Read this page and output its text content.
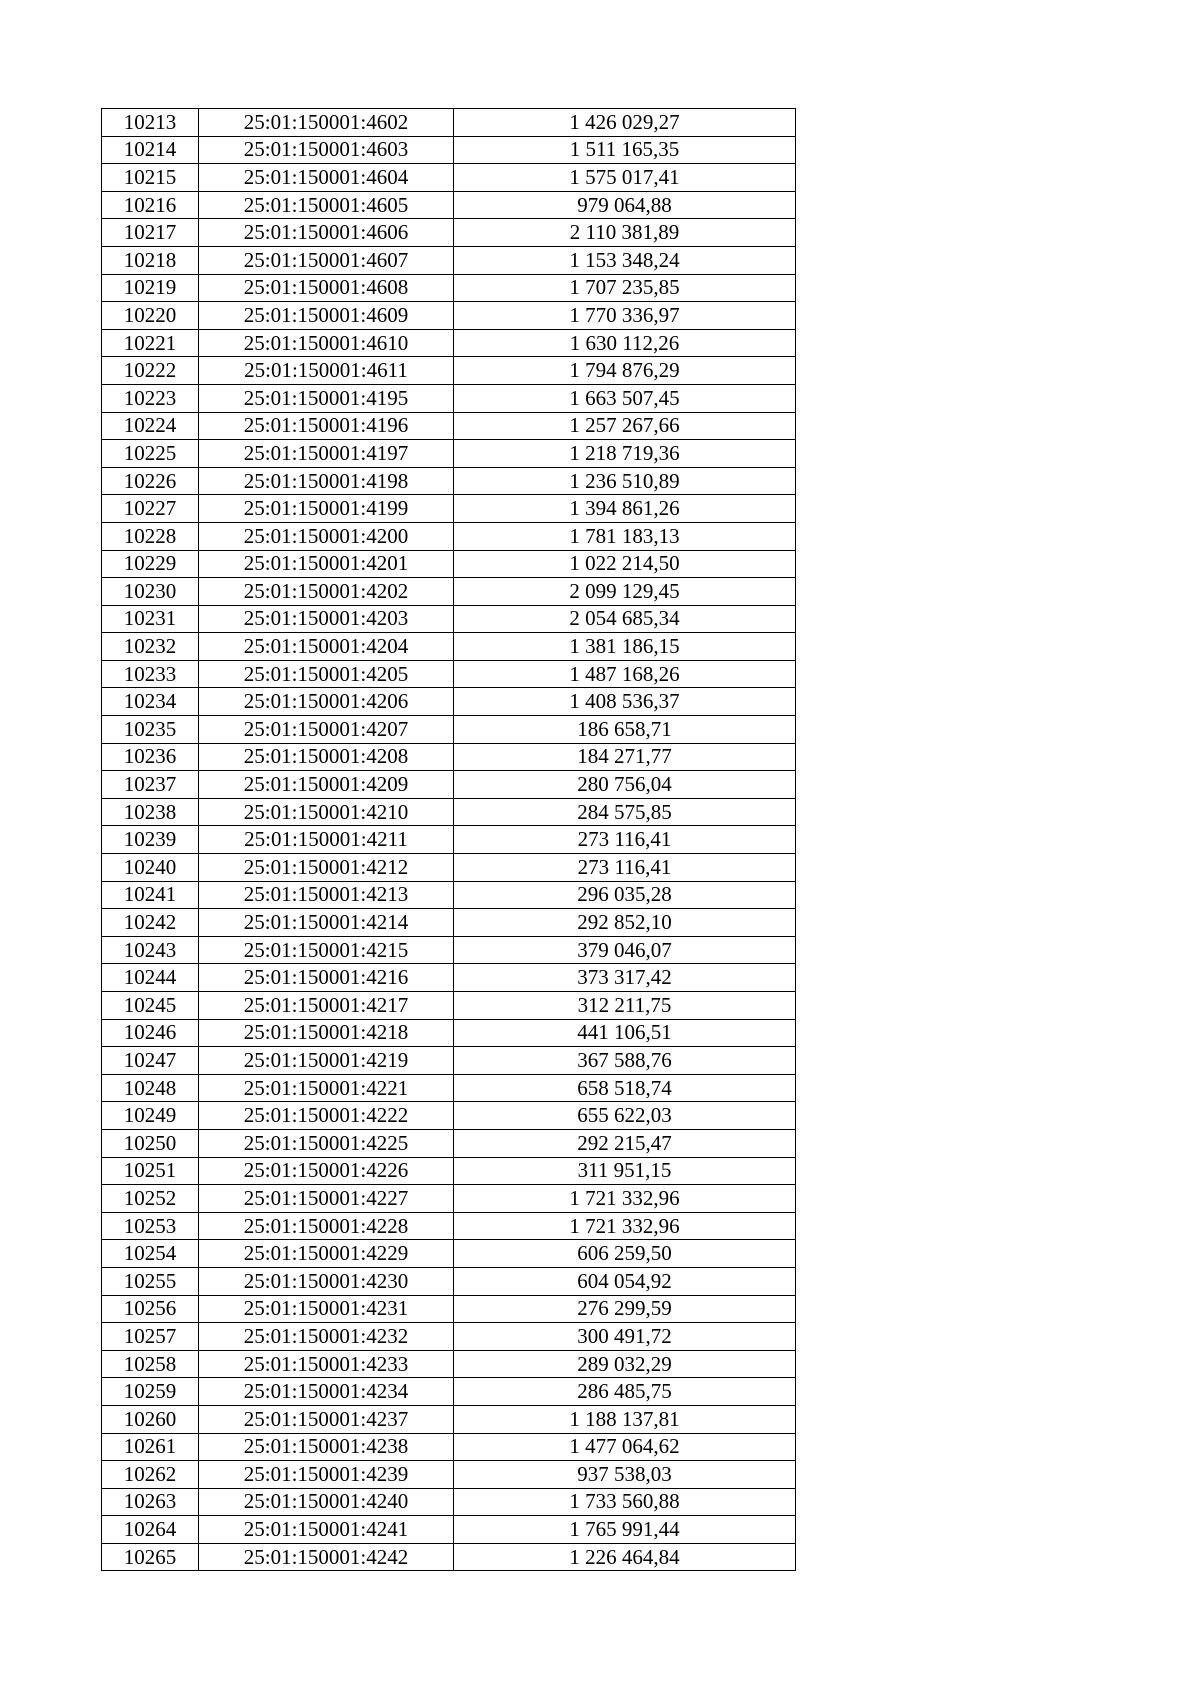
10213	25:01:150001:4602	1 426 029,27
10214	25:01:150001:4603	1 511 165,35
10215	25:01:150001:4604	1 575 017,41
10216	25:01:150001:4605	979 064,88
10217	25:01:150001:4606	2 110 381,89
10218	25:01:150001:4607	1 153 348,24
10219	25:01:150001:4608	1 707 235,85
10220	25:01:150001:4609	1 770 336,97
10221	25:01:150001:4610	1 630 112,26
10222	25:01:150001:4611	1 794 876,29
10223	25:01:150001:4195	1 663 507,45
10224	25:01:150001:4196	1 257 267,66
10225	25:01:150001:4197	1 218 719,36
10226	25:01:150001:4198	1 236 510,89
10227	25:01:150001:4199	1 394 861,26
10228	25:01:150001:4200	1 781 183,13
10229	25:01:150001:4201	1 022 214,50
10230	25:01:150001:4202	2 099 129,45
10231	25:01:150001:4203	2 054 685,34
10232	25:01:150001:4204	1 381 186,15
10233	25:01:150001:4205	1 487 168,26
10234	25:01:150001:4206	1 408 536,37
10235	25:01:150001:4207	186 658,71
10236	25:01:150001:4208	184 271,77
10237	25:01:150001:4209	280 756,04
10238	25:01:150001:4210	284 575,85
10239	25:01:150001:4211	273 116,41
10240	25:01:150001:4212	273 116,41
10241	25:01:150001:4213	296 035,28
10242	25:01:150001:4214	292 852,10
10243	25:01:150001:4215	379 046,07
10244	25:01:150001:4216	373 317,42
10245	25:01:150001:4217	312 211,75
10246	25:01:150001:4218	441 106,51
10247	25:01:150001:4219	367 588,76
10248	25:01:150001:4221	658 518,74
10249	25:01:150001:4222	655 622,03
10250	25:01:150001:4225	292 215,47
10251	25:01:150001:4226	311 951,15
10252	25:01:150001:4227	1 721 332,96
10253	25:01:150001:4228	1 721 332,96
10254	25:01:150001:4229	606 259,50
10255	25:01:150001:4230	604 054,92
10256	25:01:150001:4231	276 299,59
10257	25:01:150001:4232	300 491,72
10258	25:01:150001:4233	289 032,29
10259	25:01:150001:4234	286 485,75
10260	25:01:150001:4237	1 188 137,81
10261	25:01:150001:4238	1 477 064,62
10262	25:01:150001:4239	937 538,03
10263	25:01:150001:4240	1 733 560,88
10264	25:01:150001:4241	1 765 991,44
10265	25:01:150001:4242	1 226 464,84
